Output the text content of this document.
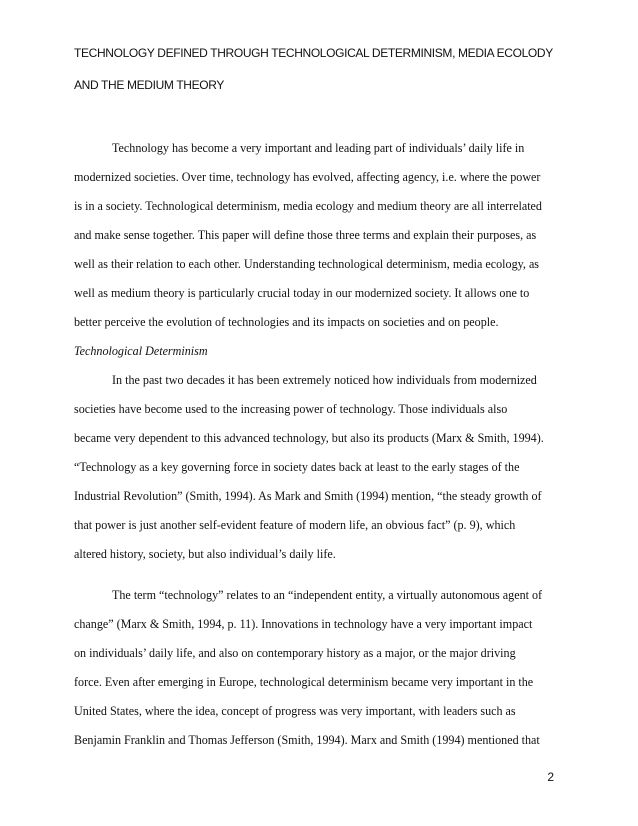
TECHNOLOGY DEFINED THROUGH TECHNOLOGICAL DETERMINISM, MEDIA ECOLODY
AND THE MEDIUM THEORY
Technology has become a very important and leading part of individuals’ daily life in
modernized societies. Over time, technology has evolved, affecting agency, i.e. where the power
is in a society. Technological determinism, media ecology and medium theory are all interrelated
and make sense together. This paper will define those three terms and explain their purposes, as
well as their relation to each other. Understanding technological determinism, media ecology, as
well as medium theory is particularly crucial today in our modernized society. It allows one to
better perceive the evolution of technologies and its impacts on societies and on people.
Technological Determinism
In the past two decades it has been extremely noticed how individuals from modernized
societies have become used to the increasing power of technology. Those individuals also
became very dependent to this advanced technology, but also its products (Marx & Smith, 1994).
“Technology as a key governing force in society dates back at least to the early stages of the
Industrial Revolution” (Smith, 1994). As Mark and Smith (1994) mention, “the steady growth of
that power is just another self-evident feature of modern life, an obvious fact” (p. 9), which
altered history, society, but also individual’s daily life.
The term “technology” relates to an “independent entity, a virtually autonomous agent of
change” (Marx & Smith, 1994, p. 11). Innovations in technology have a very important impact
on individuals’ daily life, and also on contemporary history as a major, or the major driving
force. Even after emerging in Europe, technological determinism became very important in the
United States, where the idea, concept of progress was very important, with leaders such as
Benjamin Franklin and Thomas Jefferson (Smith, 1994). Marx and Smith (1994) mentioned that
2
